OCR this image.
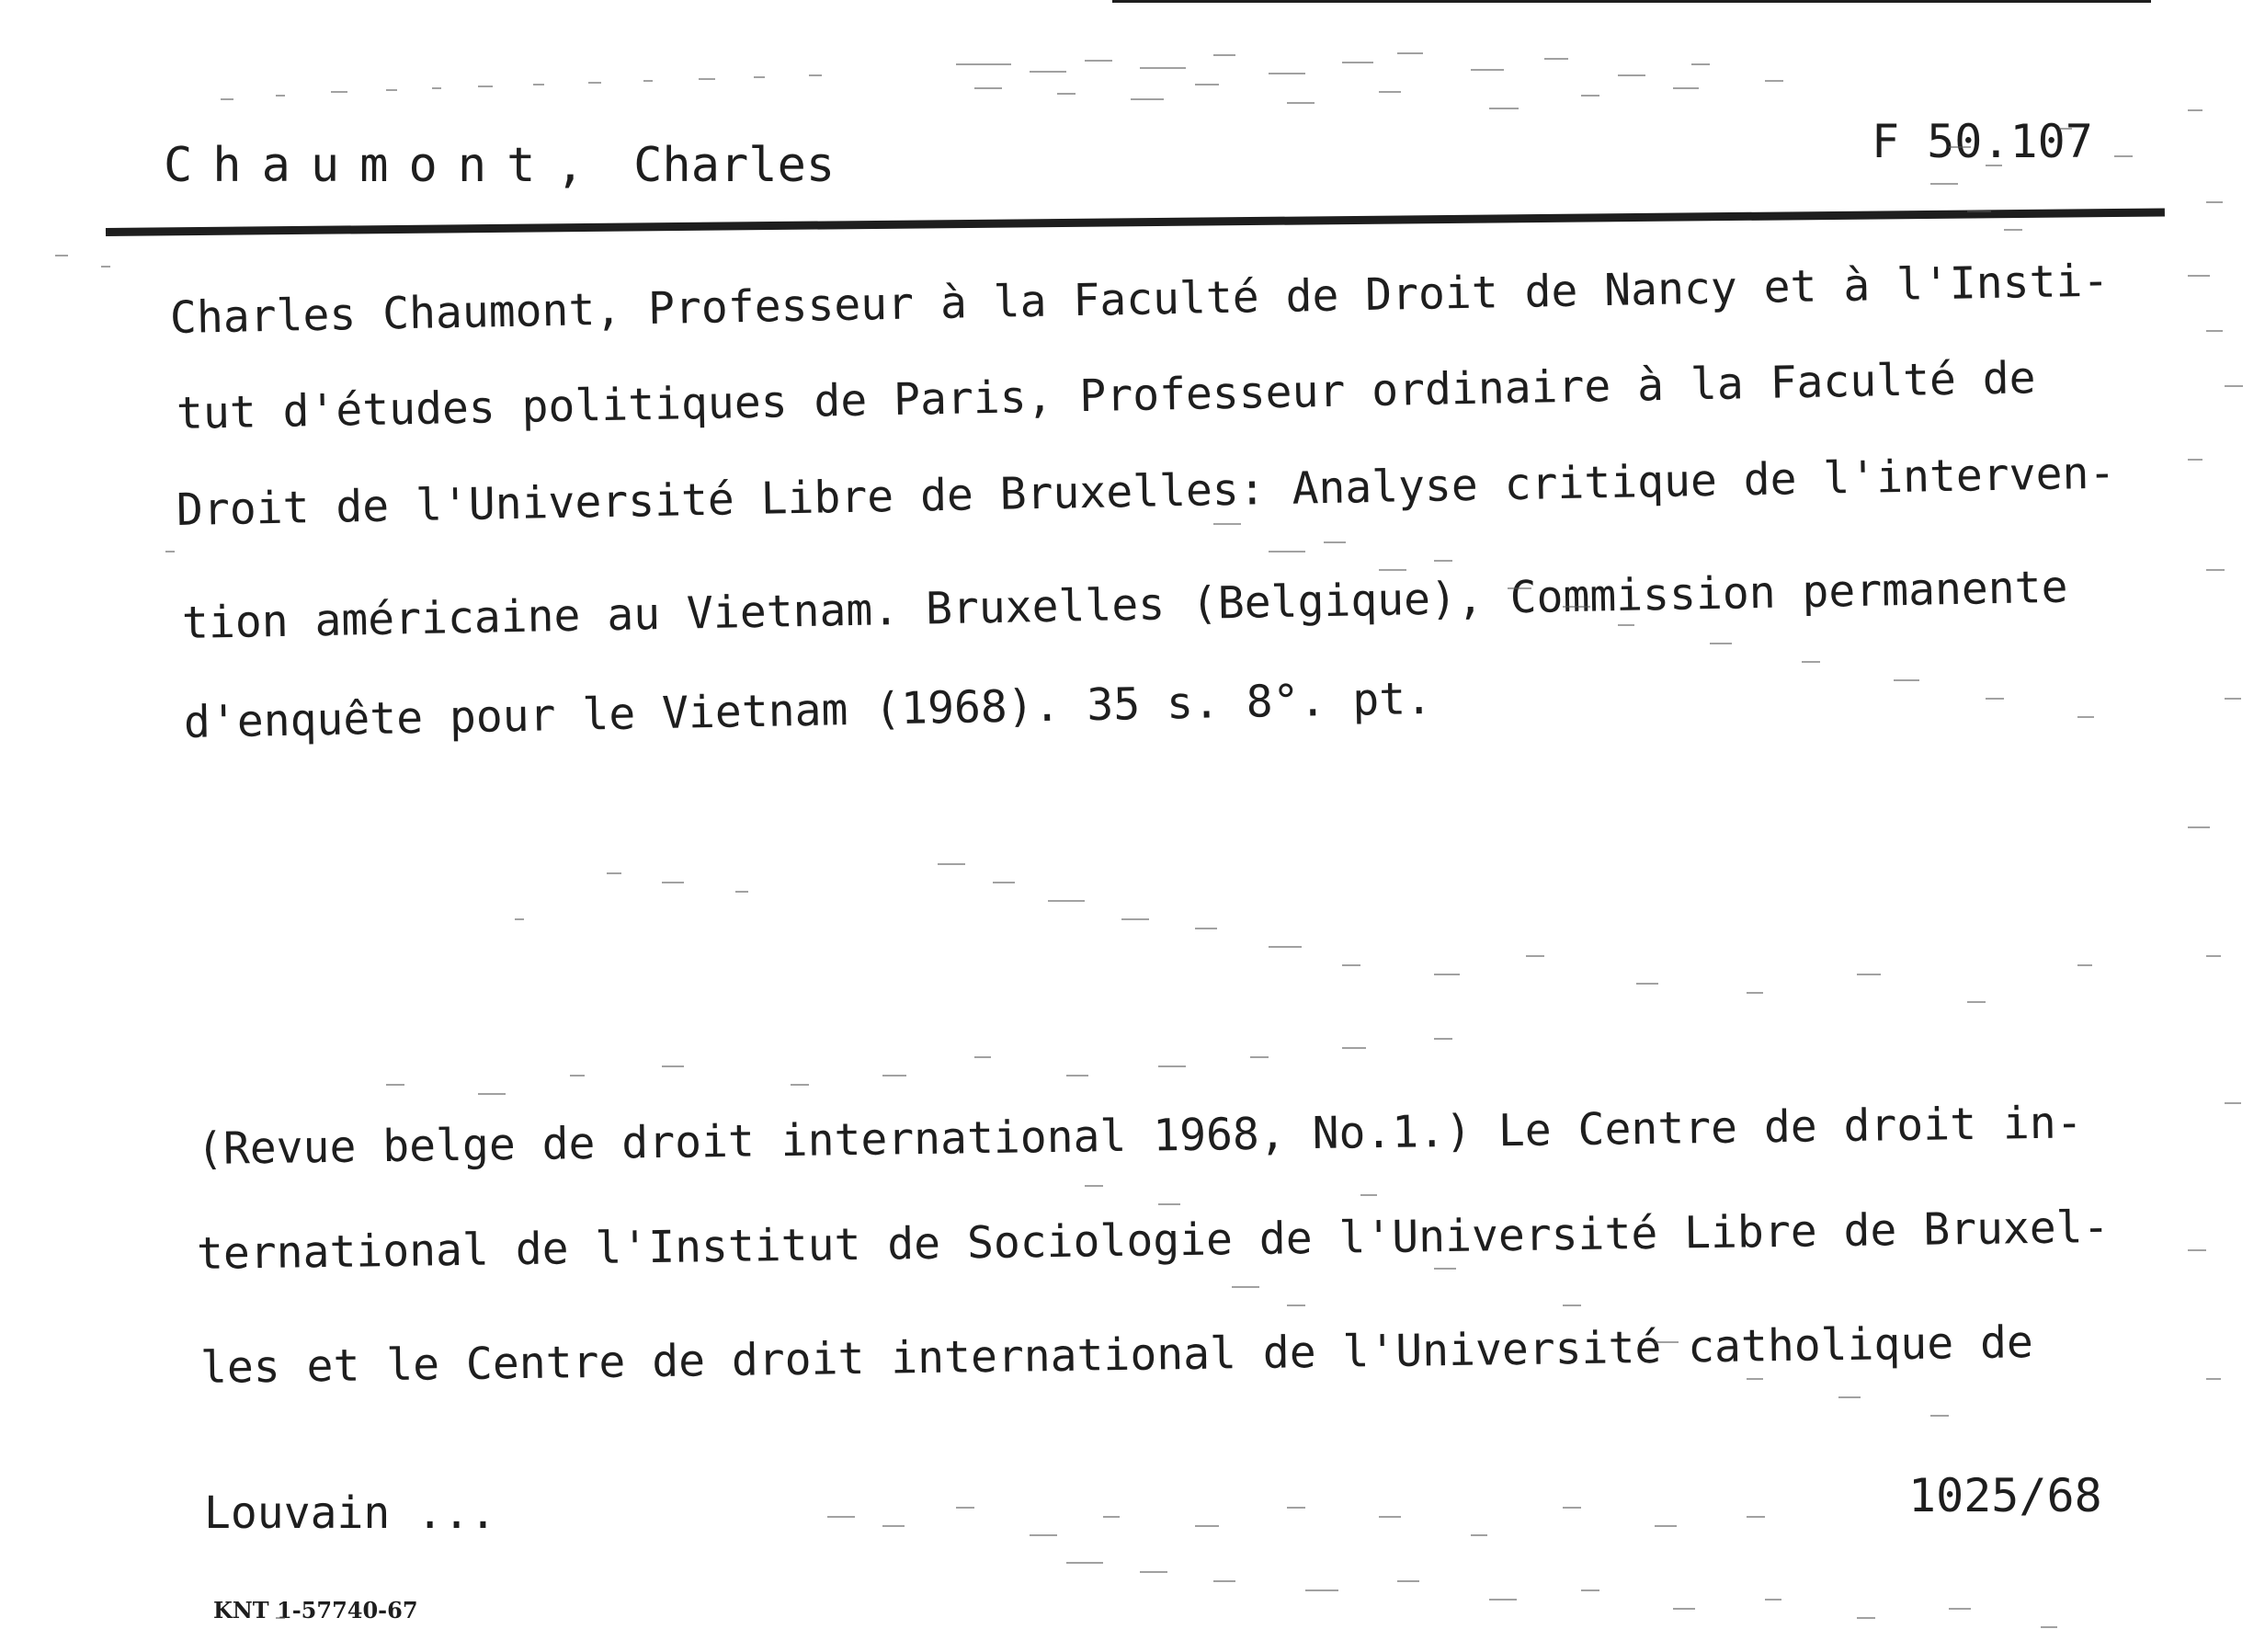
Chaumont, Charles	F 50.107
Charles Chaumont, Professeur à la Faculté de Droit de Nancy et à l'Insti-
tut d'études politiques de Paris, Professeur ordinaire à la Faculté de
Droit de l'Université Libre de Bruxelles: Analyse critique de l'interven-
tion américaine au Vietnam. Bruxelles (Belgique), Commission permanente
d'enquête pour le Vietnam (1968). 35 s. 8°. pt.
(Revue belge de droit international 1968, No.1.) Le Centre de droit in-
ternational de l'Institut de Sociologie de l'Université Libre de Bruxel-
les et le Centre de droit international de l'Université catholique de
Louvain ...	1025/68
KNT 1-57740-67
